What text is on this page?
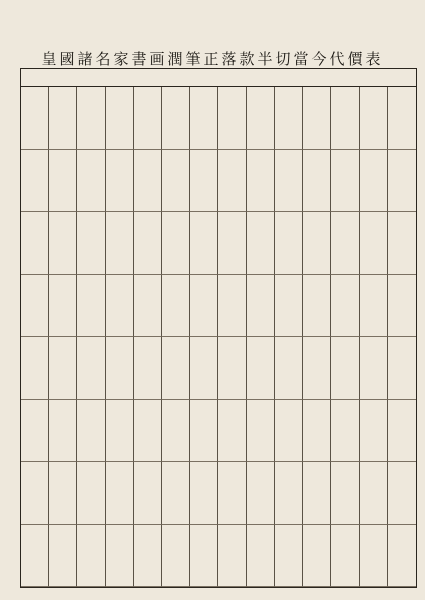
皇國諸名家書画潤筆正落款半切當今代價表
